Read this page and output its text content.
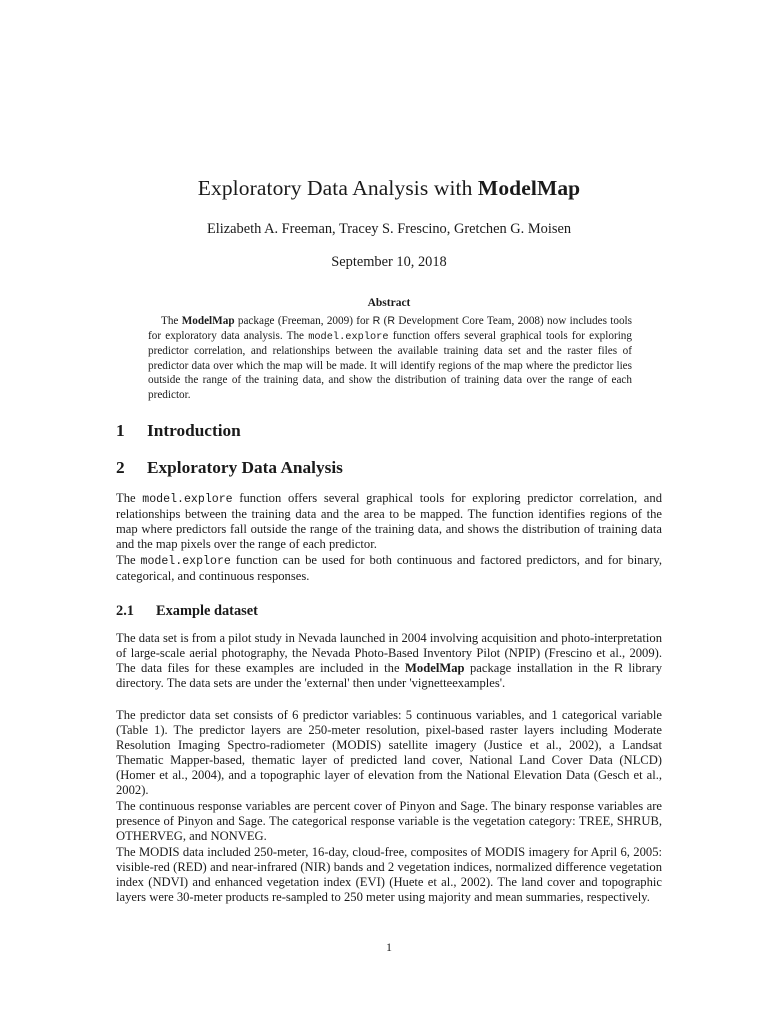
Exploratory Data Analysis with ModelMap
Elizabeth A. Freeman, Tracey S. Frescino, Gretchen G. Moisen
September 10, 2018
Abstract

The ModelMap package (Freeman, 2009) for R (R Development Core Team, 2008) now includes tools for exploratory data analysis. The model.explore function offers several graphical tools for exploring predictor correlation, and relationships between the available training data set and the raster files of predictor data over which the map will be made. It will identify regions of the map where the predictor lies outside the range of the training data, and show the distribution of training data over the range of each predictor.

1 Introduction
2 Exploratory Data Analysis

The model.explore function offers several graphical tools for exploring predictor correlation, and relationships between the training data and the area to be mapped. The function identifies regions of the map where predictors fall outside the range of the training data, and shows the distribution of training data and the map pixels over the range of each predictor.

The model.explore function can be used for both continuous and factored predictors, and for binary, categorical, and continuous responses.

2.1 Example dataset

The data set is from a pilot study in Nevada launched in 2004 involving acquisition and photo-interpretation of large-scale aerial photography, the Nevada Photo-Based Inventory Pilot (NPIP) (Frescino et al., 2009). The data files for these examples are included in the ModelMap package installation in the R library directory. The data sets are under the 'external' then under 'vignetteexamples'.

The predictor data set consists of 6 predictor variables: 5 continuous variables, and 1 categorical variable (Table 1). The predictor layers are 250-meter resolution, pixel-based raster layers including Moderate Resolution Imaging Spectro-radiometer (MODIS) satellite imagery (Justice et al., 2002), a Landsat Thematic Mapper-based, thematic layer of predicted land cover, National Land Cover Data (NLCD) (Homer et al., 2004), and a topographic layer of elevation from the National Elevation Data (Gesch et al., 2002).

The continuous response variables are percent cover of Pinyon and Sage. The binary response variables are presence of Pinyon and Sage. The categorical response variable is the vegetation category: TREE, SHRUB, OTHERVEG, and NONVEG.

The MODIS data included 250-meter, 16-day, cloud-free, composites of MODIS imagery for April 6, 2005: visible-red (RED) and near-infrared (NIR) bands and 2 vegetation indices, normalized difference vegetation index (NDVI) and enhanced vegetation index (EVI) (Huete et al., 2002). The land cover and topographic layers were 30-meter products re-sampled to 250 meter using majority and mean summaries, respectively.

1
